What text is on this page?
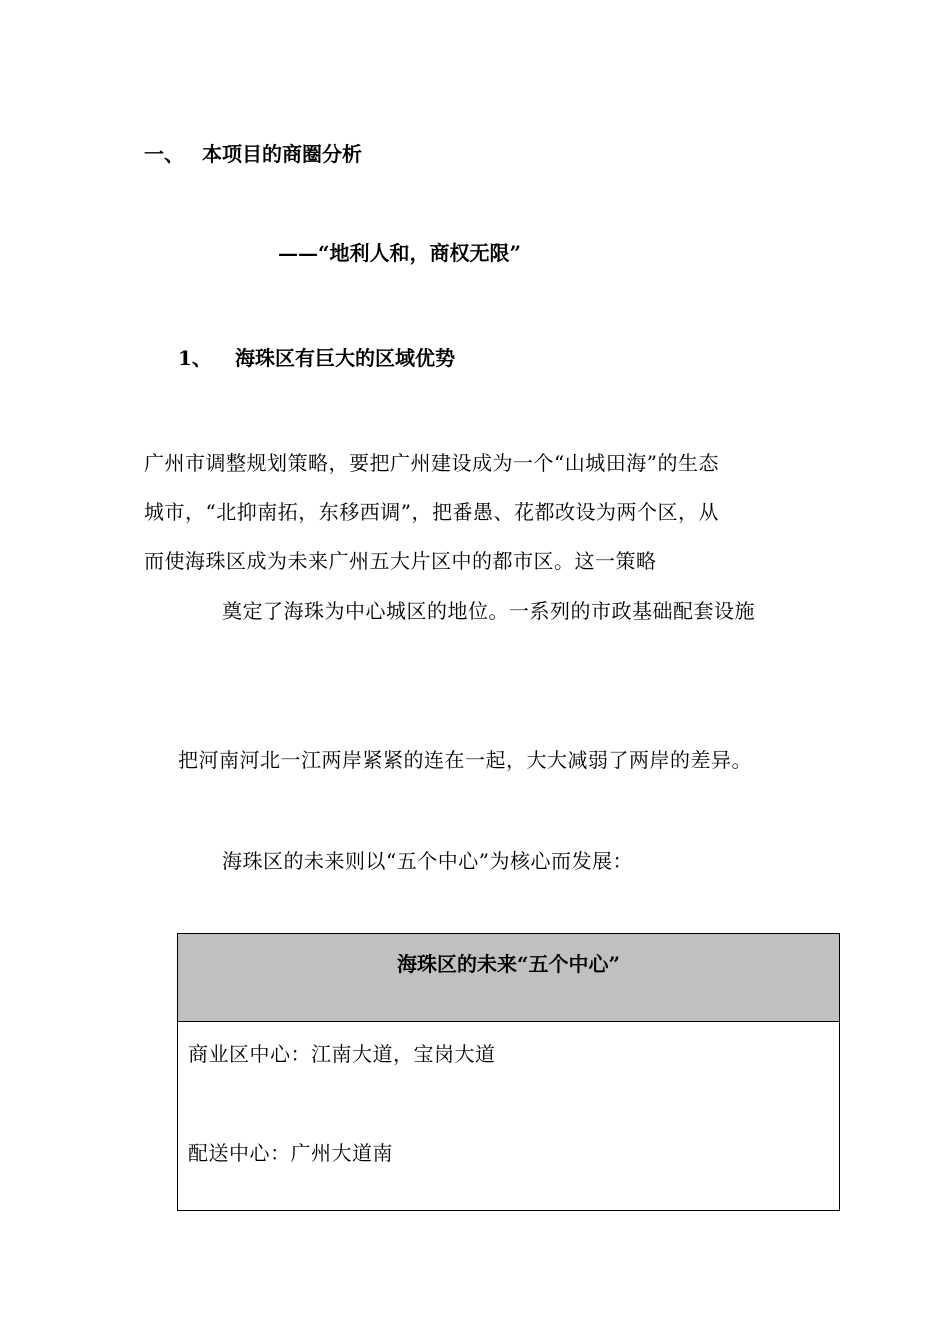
一、 本项目的商圈分析
——“地利人和，商权无限”
1、 海珠区有巨大的区域优势
广州市调整规划策略，要把广州建设成为一个“山城田海”的生态
城市，“北抑南拓，东移西调”，把番愚、花都改设为两个区，从
而使海珠区成为未来广州五大片区中的都市区。这一策略
奠定了海珠为中心城区的地位。一系列的市政基础配套设施
把河南河北一江两岸紧紧的连在一起，大大减弱了两岸的差异。
海珠区的未来则以“五个中心”为核心而发展：
海珠区的未来“五个中心”
商业区中心：江南大道，宝岗大道
配送中心：广州大道南
